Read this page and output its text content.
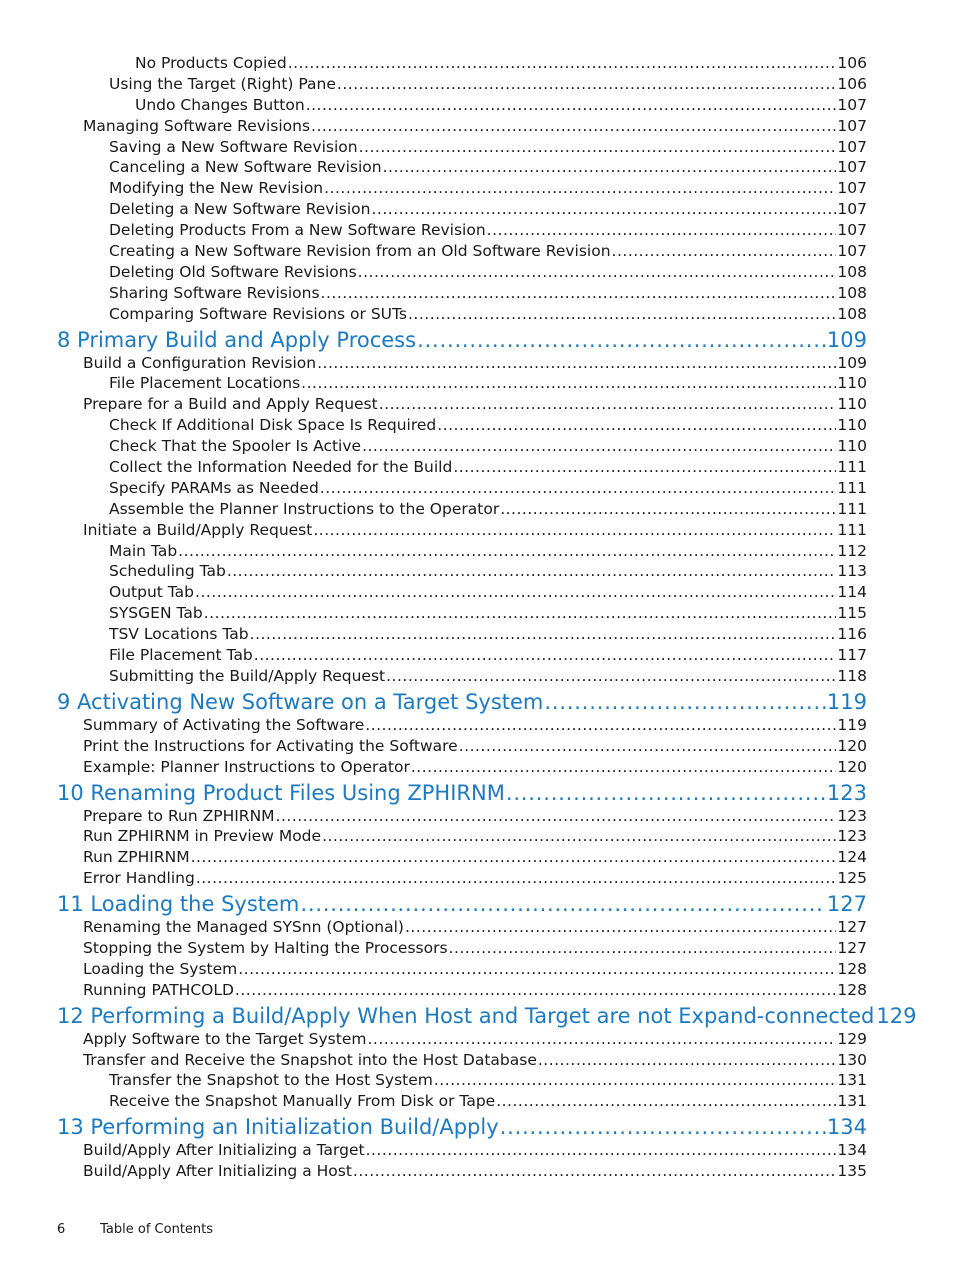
No Products Copied .....	106
Using the Target (Right) Pane .....	106
Undo Changes Button .....	107
Managing Software Revisions .....	107
Saving a New Software Revision .....	107
Canceling a New Software Revision .....	107
Modifying the New Revision .....	107
Deleting a New Software Revision .....	107
Deleting Products From a New Software Revision .....	107
Creating a New Software Revision from an Old Software Revision .....	107
Deleting Old Software Revisions .....	108
Sharing Software Revisions .....	108
Comparing Software Revisions or SUTs .....	108
8 Primary Build and Apply Process .....	109
Build a Configuration Revision .....	109
File Placement Locations .....	110
Prepare for a Build and Apply Request .....	110
Check If Additional Disk Space Is Required .....	110
Check That the Spooler Is Active .....	110
Collect the Information Needed for the Build .....	111
Specify PARAMs as Needed .....	111
Assemble the Planner Instructions to the Operator .....	111
Initiate a Build/Apply Request .....	111
Main Tab .....	112
Scheduling Tab .....	113
Output Tab .....	114
SYSGEN Tab .....	115
TSV Locations Tab .....	116
File Placement Tab .....	117
Submitting the Build/Apply Request .....	118
9 Activating New Software on a Target System .....	119
Summary of Activating the Software .....	119
Print the Instructions for Activating the Software .....	120
Example: Planner Instructions to Operator .....	120
10 Renaming Product Files Using ZPHIRNM .....	123
Prepare to Run ZPHIRNM .....	123
Run ZPHIRNM in Preview Mode .....	123
Run ZPHIRNM .....	124
Error Handling .....	125
11 Loading the System .....	127
Renaming the Managed SYSnn (Optional) .....	127
Stopping the System by Halting the Processors .....	127
Loading the System .....	128
Running PATHCOLD .....	128
12 Performing a Build/Apply When Host and Target are not Expand-connected 129
Apply Software to the Target System .....	129
Transfer and Receive the Snapshot into the Host Database .....	130
Transfer the Snapshot to the Host System .....	131
Receive the Snapshot Manually From Disk or Tape .....	131
13 Performing an Initialization Build/Apply .....	134
Build/Apply After Initializing a Target .....	134
Build/Apply After Initializing a Host .....	135
6	Table of Contents
